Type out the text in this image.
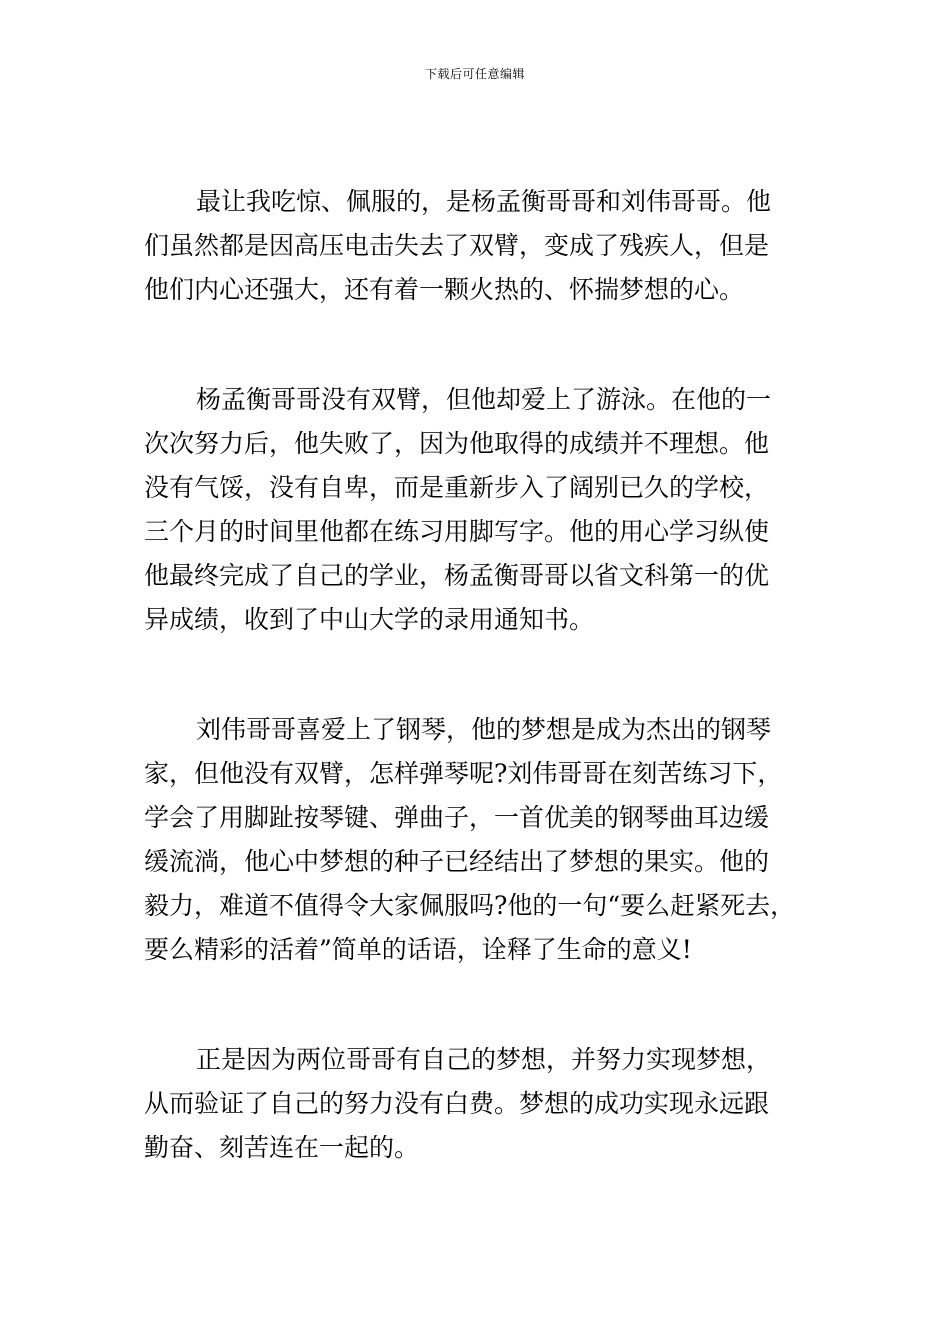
下载后可任意编辑
最让我吃惊、佩服的，是杨孟衡哥哥和刘伟哥哥。他
们虽然都是因高压电击失去了双臂，变成了残疾人，但是
他们内心还强大，还有着一颗火热的、怀揣梦想的心。
杨孟衡哥哥没有双臂，但他却爱上了游泳。在他的一
次次努力后，他失败了，因为他取得的成绩并不理想。他
没有气馁，没有自卑，而是重新步入了阔别已久的学校，
三个月的时间里他都在练习用脚写字。他的用心学习纵使
他最终完成了自己的学业，杨孟衡哥哥以省文科第一的优
异成绩，收到了中山大学的录用通知书。
刘伟哥哥喜爱上了钢琴，他的梦想是成为杰出的钢琴
家，但他没有双臂，怎样弹琴呢?刘伟哥哥在刻苦练习下，
学会了用脚趾按琴键、弹曲子，一首优美的钢琴曲耳边缓
缓流淌，他心中梦想的种子已经结出了梦想的果实。他的
毅力，难道不值得令大家佩服吗?他的一句“要么赶紧死去，
要么精彩的活着”简单的话语，诠释了生命的意义!
正是因为两位哥哥有自己的梦想，并努力实现梦想，
从而验证了自己的努力没有白费。梦想的成功实现永远跟
勤奋、刻苦连在一起的。
